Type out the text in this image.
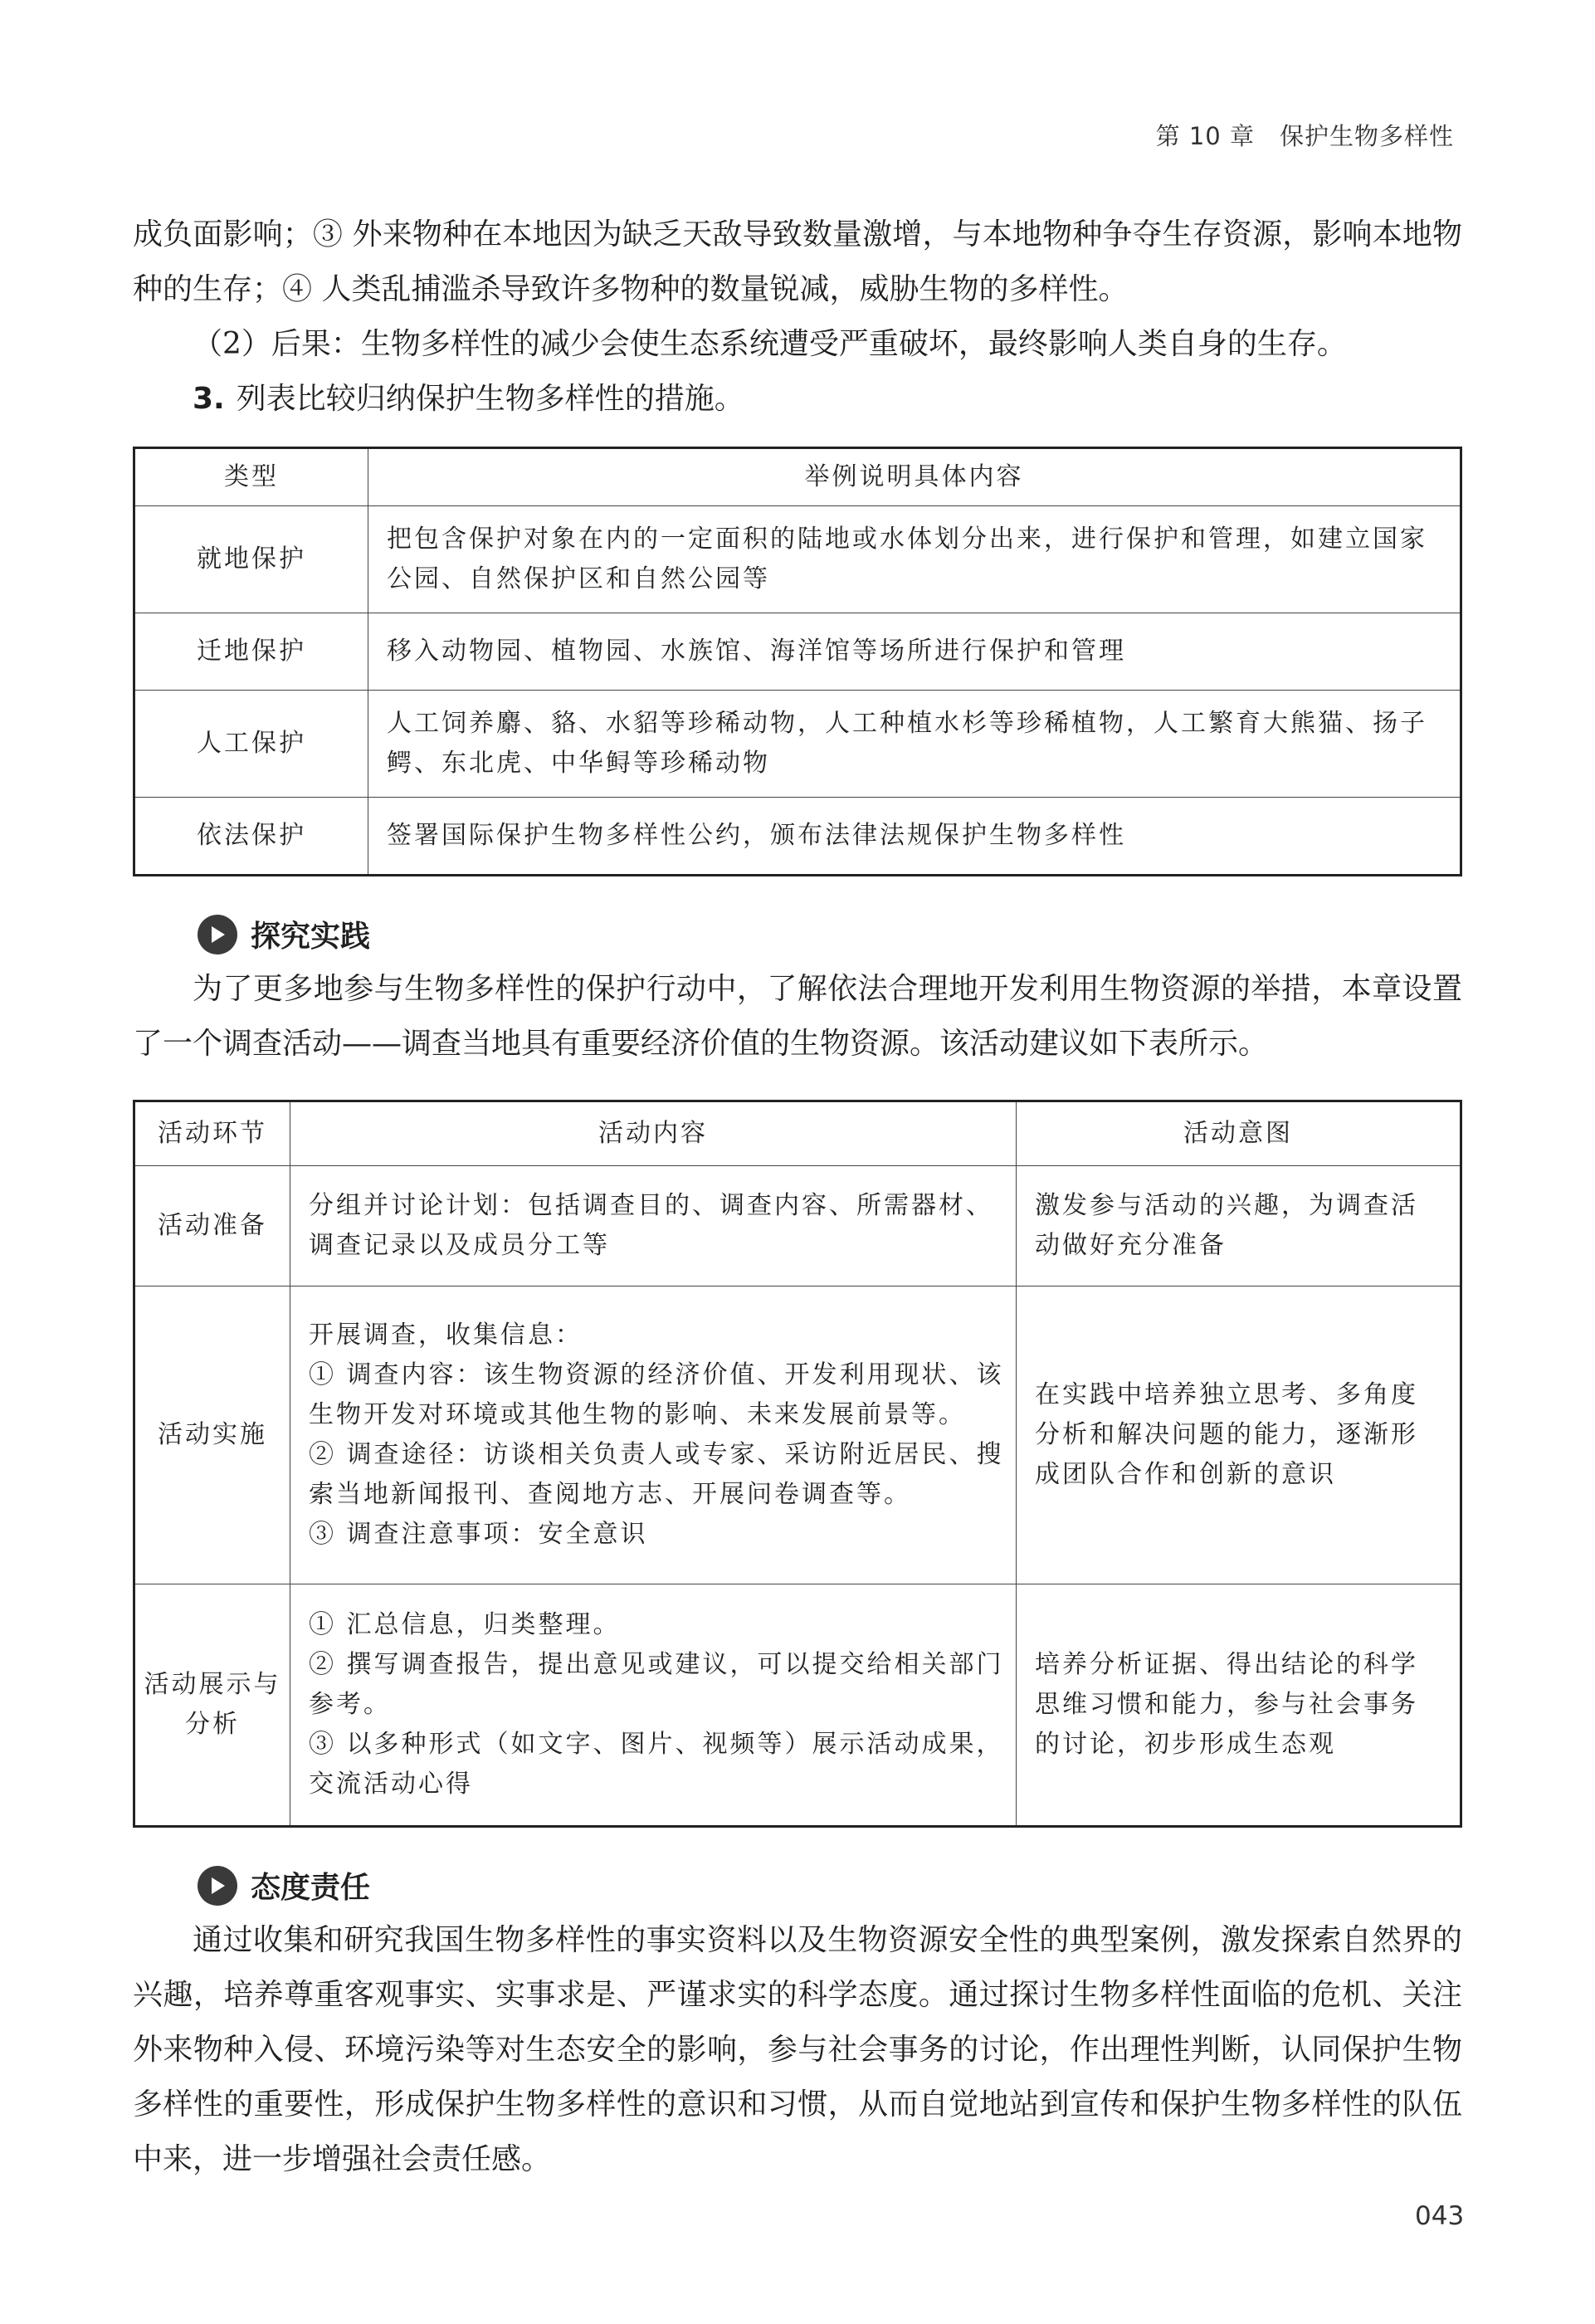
第 10 章 保护生物多样性

成负面影响；③ 外来物种在本地因为缺乏天敌导致数量激增，与本地物种争夺生存资源，影响本地物种的生存；④ 人类乱捕滥杀导致许多物种的数量锐减，威胁生物的多样性。

（2）后果：生物多样性的减少会使生态系统遭受严重破坏，最终影响人类自身的生存。

3. 列表比较归纳保护生物多样性的措施。

类型	举例说明具体内容
就地保护	把包含保护对象在内的一定面积的陆地或水体划分出来，进行保护和管理，如建立国家公园、自然保护区和自然公园等
迁地保护	移入动物园、植物园、水族馆、海洋馆等场所进行保护和管理
人工保护	人工饲养麝、貉、水貂等珍稀动物，人工种植水杉等珍稀植物，人工繁育大熊猫、扬子鳄、东北虎、中华鲟等珍稀动物
依法保护	签署国际保护生物多样性公约，颁布法律法规保护生物多样性
探究实践

为了更多地参与生物多样性的保护行动中，了解依法合理地开发利用生物资源的举措，本章设置了一个调查活动——调查当地具有重要经济价值的生物资源。该活动建议如下表所示。

活动环节	活动内容	活动意图
活动准备	分组并讨论计划：包括调查目的、调查内容、所需器材、调查记录以及成员分工等	激发参与活动的兴趣，为调查活动做好充分准备
活动实施	开展调查，收集信息：
① 调查内容：该生物资源的经济价值、开发利用现状、该生物开发对环境或其他生物的影响、未来发展前景等。
② 调查途径：访谈相关负责人或专家、采访附近居民、搜索当地新闻报刊、查阅地方志、开展问卷调查等。
③ 调查注意事项：安全意识	在实践中培养独立思考、多角度分析和解决问题的能力，逐渐形成团队合作和创新的意识
活动展示与分析	① 汇总信息，归类整理。
② 撰写调查报告，提出意见或建议，可以提交给相关部门参考。
③ 以多种形式（如文字、图片、视频等）展示活动成果，交流活动心得	培养分析证据、得出结论的科学思维习惯和能力，参与社会事务的讨论，初步形成生态观
态度责任

通过收集和研究我国生物多样性的事实资料以及生物资源安全性的典型案例，激发探索自然界的兴趣，培养尊重客观事实、实事求是、严谨求实的科学态度。通过探讨生物多样性面临的危机、关注外来物种入侵、环境污染等对生态安全的影响，参与社会事务的讨论，作出理性判断，认同保护生物多样性的重要性，形成保护生物多样性的意识和习惯，从而自觉地站到宣传和保护生物多样性的队伍中来，进一步增强社会责任感。

043
